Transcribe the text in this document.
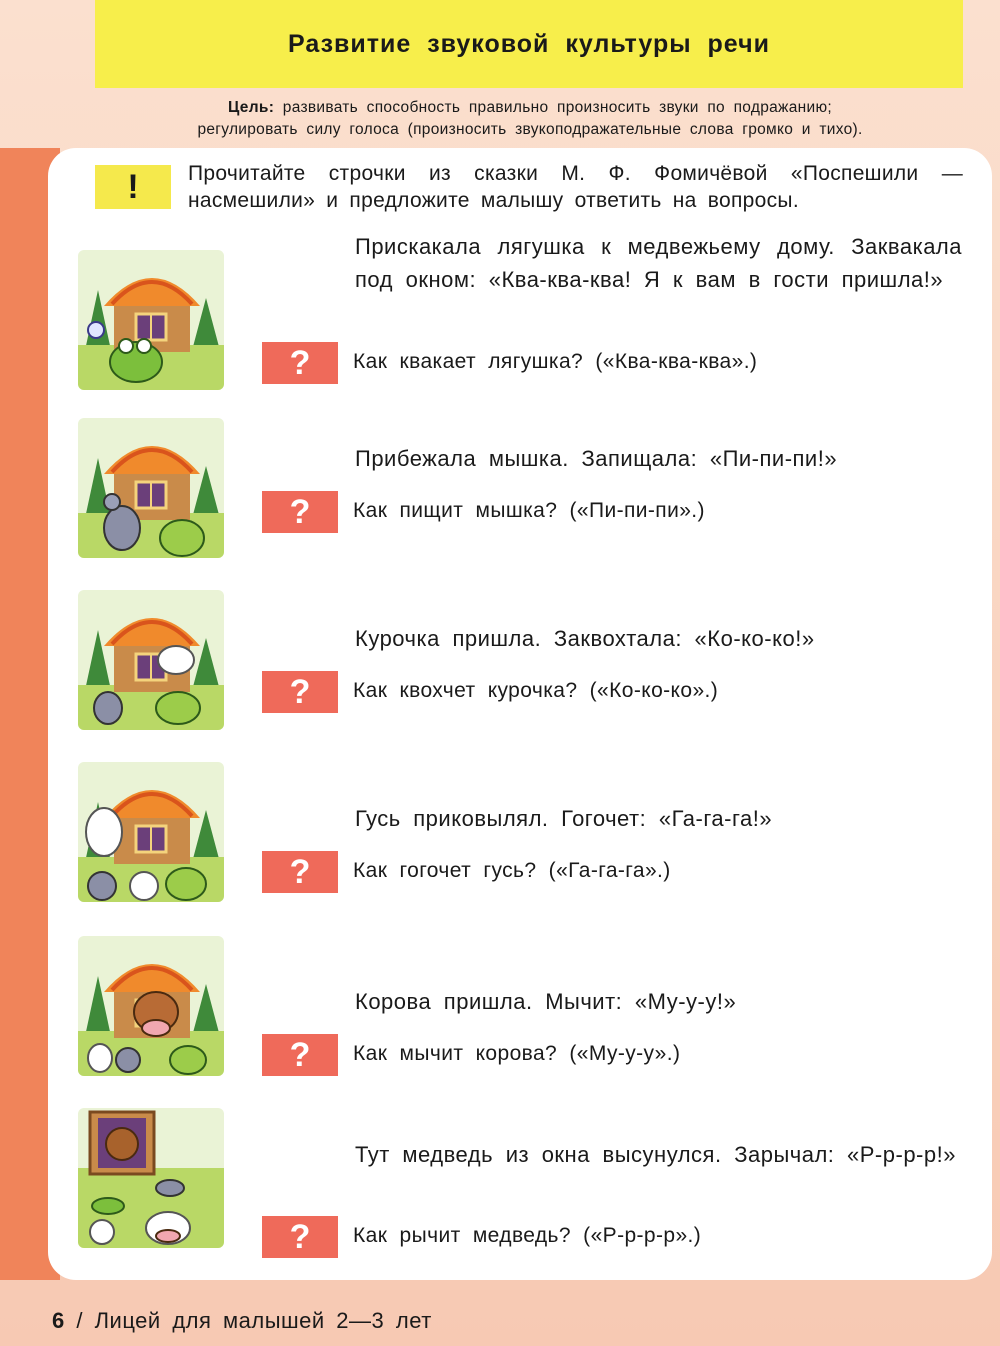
Развитие звуковой культуры речи
Цель: развивать способность правильно произносить звуки по подражанию;
регулировать силу голоса (произносить звукоподражательные слова громко и тихо).
!	Прочитайте строчки из сказки М. Ф. Фомичёвой «Поспешили — насмешили» и предложите малышу ответить на вопросы.
Прискакала лягушка к медвежьему дому. Заквакала под окном: «Ква-ква-ква! Я к вам в гости пришла!»
?	Как квакает лягушка? («Ква-ква-ква».)
Прибежала мышка. Запищала: «Пи-пи-пи!»
?	Как пищит мышка? («Пи-пи-пи».)
Курочка пришла. Заквохтала: «Ко-ко-ко!»
?	Как квохчет курочка? («Ко-ко-ко».)
Гусь приковылял. Гогочет: «Га-га-га!»
?	Как гогочет гусь? («Га-га-га».)
Корова пришла. Мычит: «Му-у-у!»
?	Как мычит корова? («Му-у-у».)
Тут медведь из окна высунулся. Зарычал: «Р-р-р-р!»
?	Как рычит медведь? («Р-р-р-р».)
6 / Лицей для малышей 2—3 лет
